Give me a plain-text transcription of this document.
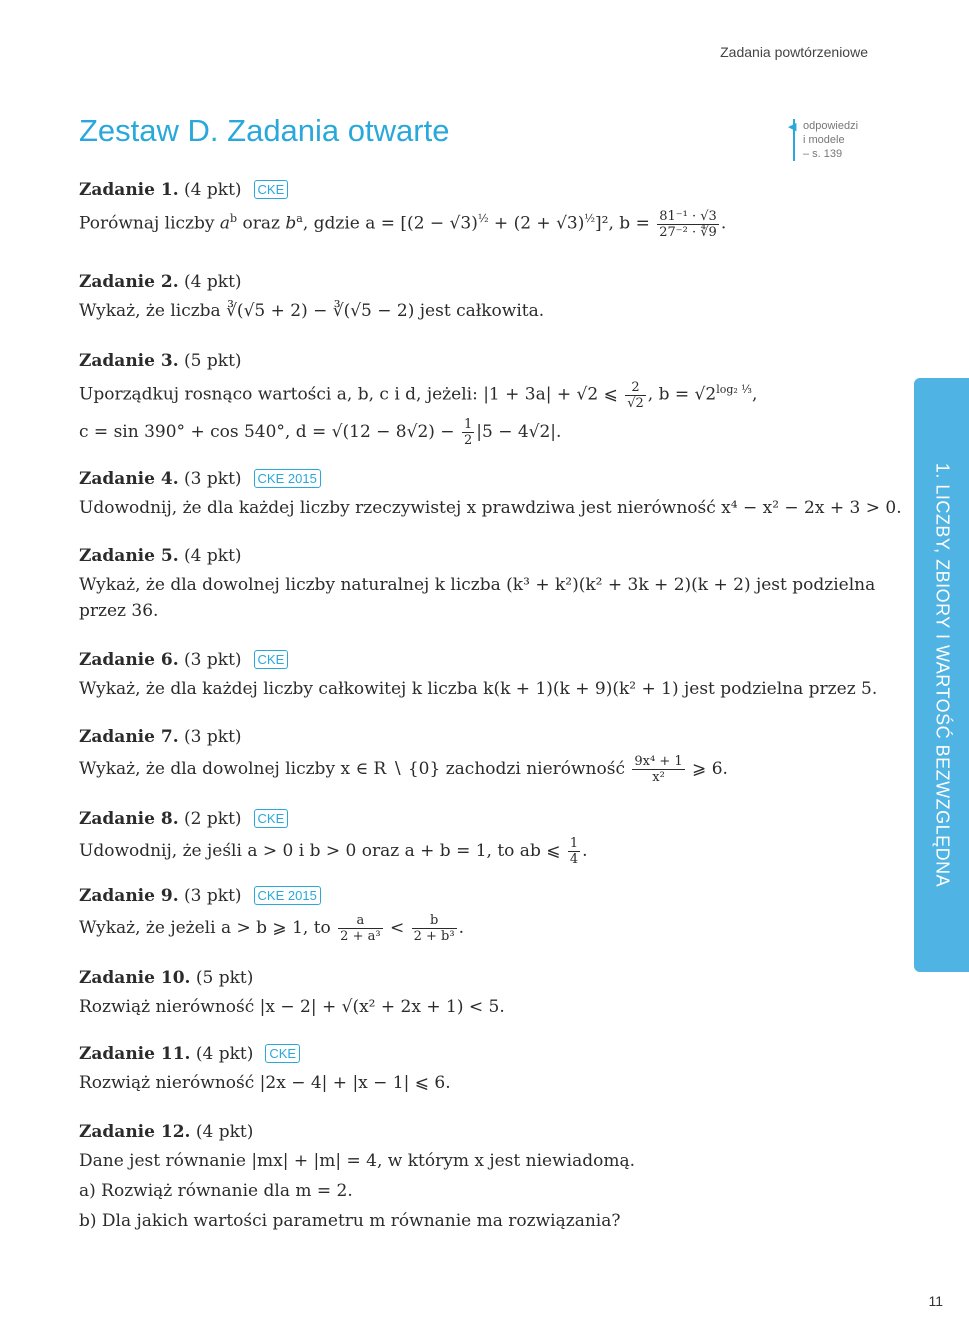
Zadania powtórzeniowe
Zestaw D. Zadania otwarte	◀ odpowiedzi
i modele
– s. 139
1. LICZBY, ZBIORY I WARTOŚĆ BEZWZGLĘDNA
Zadanie 1. (4 pkt) CKE
Porównaj liczby $a^b$ oraz $b^a$, gdzie $a = [(2 - √3)^{\frac{1}{2}} + (2 + √3)^{\frac{1}{2}}]^2$, $b = \frac{\text{81⁻¹ · √3}}{\text{27⁻² · ∜9}}$ .
Zadanie 2. (4 pkt)
Wykaż, że liczba ∛(√5 + 2) − ∛(√5 − 2) jest całkowita.
Zadanie 3. (5 pkt)
Uporządkuj rosnąco wartości a, b, c i d, jeżeli: |1 + 3a| + √2 ⩽ $\frac{2}{√2}$ , $b = √2^{log_2 \frac{1}{3}}$,
c = sin 390° + cos 540°, $d = √(12 - 8√2) - \frac{1}{2} |5 - 4√2|$.
Zadanie 4. (3 pkt) CKE 2015
Udowodnij, że dla każdej liczby rzeczywistej x prawdziwa jest nierówność x⁴ − x² − 2x + 3 > 0.
Zadanie 5. (4 pkt)
Wykaż, że dla dowolnej liczby naturalnej k liczba (k³ + k²)(k² + 3k + 2)(k + 2) jest podzielna
przez 36.
Zadanie 6. (3 pkt) CKE
Wykaż, że dla każdej liczby całkowitej k liczba k(k + 1)(k + 9)(k² + 1) jest podzielna przez 5.
Zadanie 7. (3 pkt)
Wykaż, że dla dowolnej liczby x ∈ R ∖ {0} zachodzi nierówność $\frac{\text{9x⁴ + 1}}{\text{x²}}$ ⩾ 6.
Zadanie 8. (2 pkt) CKE
Udowodnij, że jeśli a > 0 i b > 0 oraz a + b = 1, to ab ⩽ $\frac{1}{4}$ .
Zadanie 9. (3 pkt) CKE 2015
Wykaż, że jeżeli a > b ⩾ 1, to $\frac{a}{\text{2 + a³}} < \frac{b}{\text{2 + b³}}$ .
Zadanie 10. (5 pkt)
Rozwiąż nierówność |x − 2| + √(x² + 2x + 1) < 5.
Zadanie 11. (4 pkt) CKE
Rozwiąż nierówność |2x − 4| + |x − 1| ⩽ 6.
Zadanie 12. (4 pkt)
Dane jest równanie |mx| + |m| = 4, w którym x jest niewiadomą.
a) Rozwiąż równanie dla m = 2.
b) Dla jakich wartości parametru m równanie ma rozwiązania?
11
